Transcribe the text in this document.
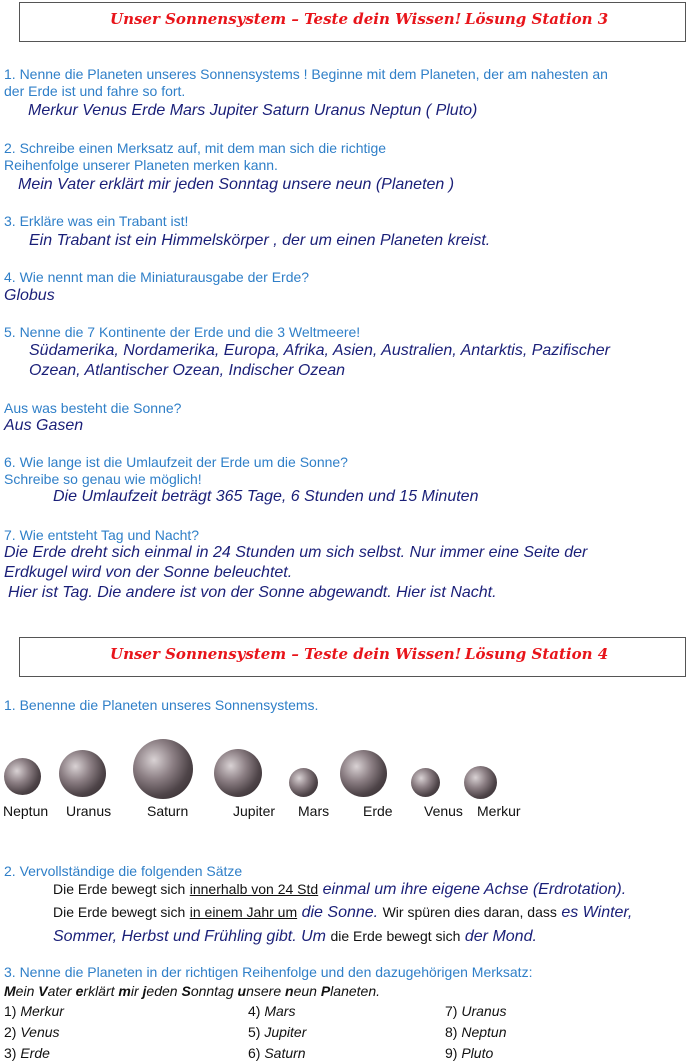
Unser Sonnensystem – Teste dein Wissen! Lösung Station 3
1. Nenne die Planeten unseres Sonnensystems ! Beginne mit dem Planeten, der am nahesten an
der Erde ist und fahre so fort.
Merkur Venus Erde Mars Jupiter Saturn Uranus Neptun ( Pluto)
2. Schreibe einen Merksatz auf, mit dem man sich die richtige
Reihenfolge unserer Planeten merken kann.
Mein Vater erklärt mir jeden Sonntag unsere neun (Planeten )
3. Erkläre was ein Trabant ist!
Ein Trabant ist ein Himmelskörper , der um einen Planeten kreist.
4. Wie nennt man die Miniaturausgabe der Erde?
Globus
5. Nenne die 7 Kontinente der Erde und die 3 Weltmeere!
Südamerika, Nordamerika, Europa, Afrika, Asien, Australien, Antarktis, Pazifischer
Ozean, Atlantischer Ozean, Indischer Ozean
Aus was besteht die Sonne?
Aus Gasen
6. Wie lange ist die Umlaufzeit der Erde um die Sonne?
Schreibe so genau wie möglich!
Die Umlaufzeit beträgt 365 Tage, 6 Stunden und 15 Minuten
7. Wie entsteht Tag und Nacht?
Die Erde dreht sich einmal in 24 Stunden um sich selbst. Nur immer eine Seite der
Erdkugel wird von der Sonne beleuchtet.
Hier ist Tag. Die andere ist von der Sonne abgewandt. Hier ist Nacht.
Unser Sonnensystem – Teste dein Wissen! Lösung Station 4
1. Benenne die Planeten unseres Sonnensystems.
Neptun Uranus	Saturn	Jupiter Mars Erde Venus Merkur
2. Vervollständige die folgenden Sätze
Die Erde bewegt sich innerhalb von 24 Std einmal um ihre eigene Achse (Erdrotation).
Die Erde bewegt sich in einem Jahr um die Sonne. Wir spüren dies daran, dass es Winter,
Sommer, Herbst und Frühling gibt. Um die Erde bewegt sich der Mond.
3. Nenne die Planeten in der richtigen Reihenfolge und den dazugehörigen Merksatz:
Mein Vater erklärt mir jeden Sonntag unsere neun Planeten.
1) Merkur
2) Venus
3) Erde
4) Mars
5) Jupiter
6) Saturn
7) Uranus
8) Neptun
9) Pluto
